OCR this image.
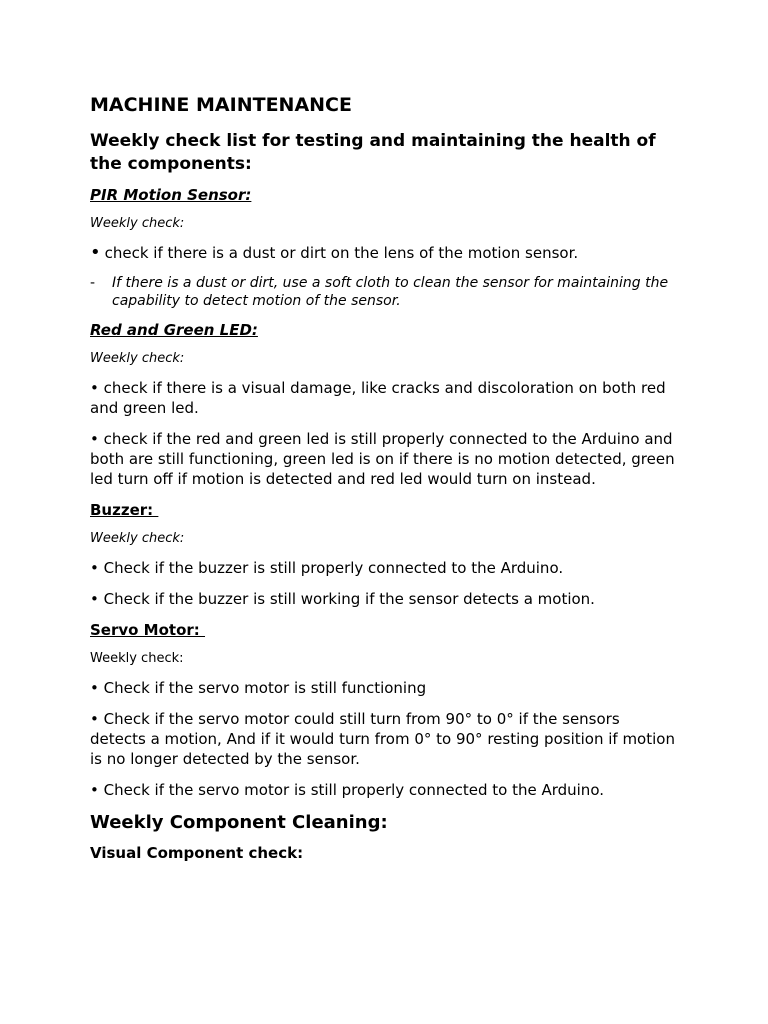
MACHINE MAINTENANCE
Weekly check list for testing and maintaining the health of the components:
PIR Motion Sensor:
Weekly check:
• check if there is a dust or dirt on the lens of the motion sensor.
-	If there is a dust or dirt, use a soft cloth to clean the sensor for maintaining the capability to detect motion of the sensor.
Red and Green LED:
Weekly check:
• check if there is a visual damage, like cracks and discoloration on both red and green led.
• check if the red and green led is still properly connected to the Arduino and both are still functioning, green led is on if there is no motion detected, green led turn off if motion is detected and red led would turn on instead.
Buzzer:
Weekly check:
• Check if the buzzer is still properly connected to the Arduino.
• Check if the buzzer is still working if the sensor detects a motion.
Servo Motor:
Weekly check:
• Check if the servo motor is still functioning
• Check if the servo motor could still turn from 90° to 0° if the sensors detects a motion, And if it would turn from 0° to 90° resting position if motion is no longer detected by the sensor.
• Check if the servo motor is still properly connected to the Arduino.
Weekly Component Cleaning:
Visual Component check:
